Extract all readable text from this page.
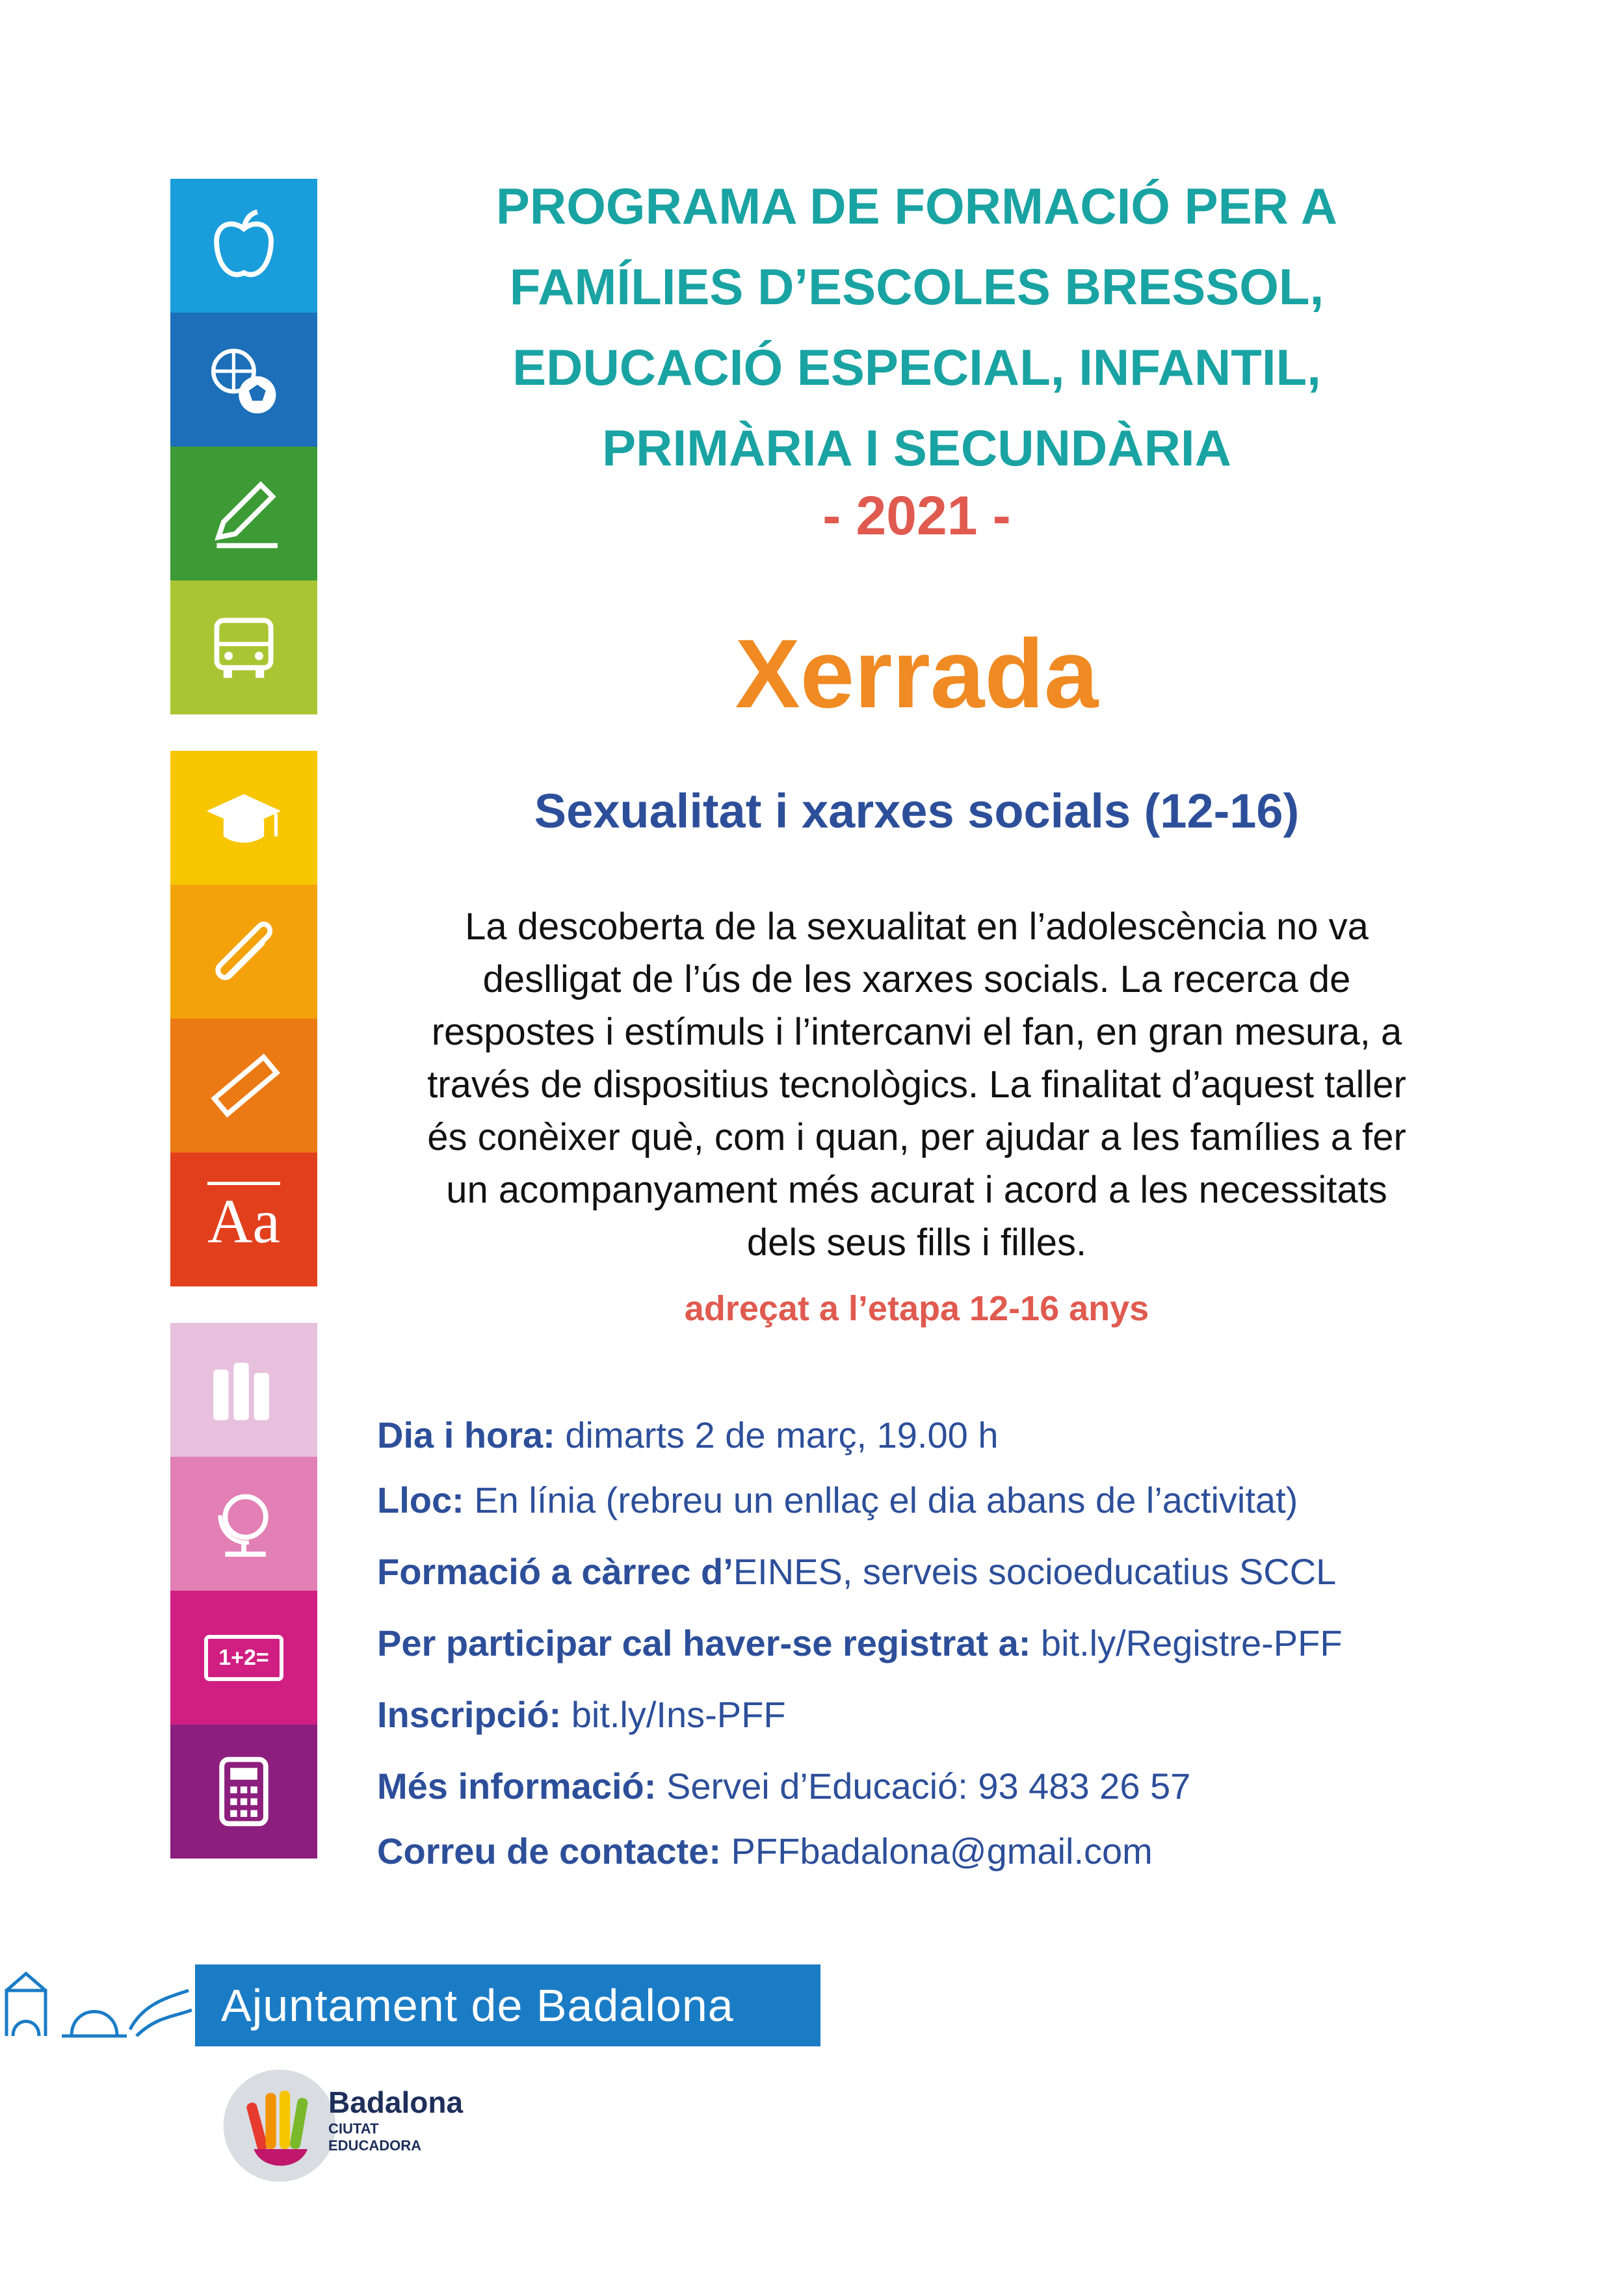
Aa
1+2=
PROGRAMA DE FORMACIÓ PER A
FAMÍLIES D’ESCOLES BRESSOL,
EDUCACIÓ ESPECIAL, INFANTIL,
PRIMÀRIA I SECUNDÀRIA
- 2021 -
Xerrada
Sexualitat i xarxes socials (12-16)
La descoberta de la sexualitat en l’adolescència no va
deslligat de l’ús de les xarxes socials. La recerca de
respostes i estímuls i l’intercanvi el fan, en gran mesura, a
través de dispositius tecnològics. La finalitat d’aquest taller
és conèixer què, com i quan, per ajudar a les famílies a fer
un acompanyament més acurat i acord a les necessitats
dels seus fills i filles.
adreçat a l’etapa 12-16 anys
Dia i hora: dimarts 2 de març, 19.00 h
Lloc: En línia (rebreu un enllaç el dia abans de l’activitat)
Formació a càrrec d’EINES, serveis socioeducatius SCCL
Per participar cal haver-se registrat a: bit.ly/Registre-PFF
Inscripció: bit.ly/Ins-PFF
Més informació: Servei d’Educació: 93 483 26 57
Correu de contacte: PFFbadalona@gmail.com
Ajuntament de Badalona
Badalona
CIUTAT
EDUCADORA
